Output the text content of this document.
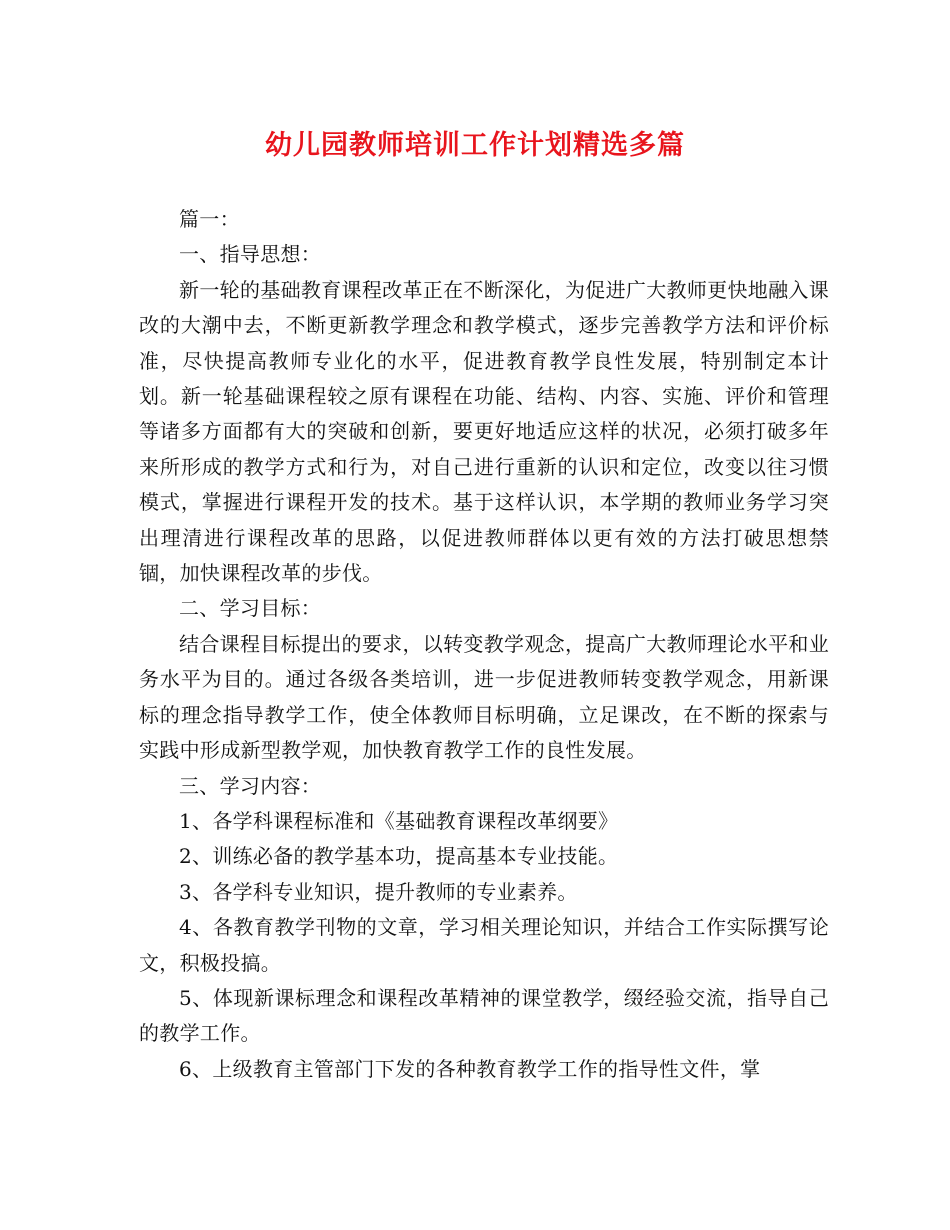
幼儿园教师培训工作计划精选多篇

篇一：

一、指导思想：

新一轮的基础教育课程改革正在不断深化，为促进广大教师更快地融入课改的大潮中去，不断更新教学理念和教学模式，逐步完善教学方法和评价标准，尽快提高教师专业化的水平，促进教育教学良性发展，特别制定本计划。新一轮基础课程较之原有课程在功能、结构、内容、实施、评价和管理等诸多方面都有大的突破和创新，要更好地适应这样的状况，必须打破多年来所形成的教学方式和行为，对自己进行重新的认识和定位，改变以往习惯模式，掌握进行课程开发的技术。基于这样认识，本学期的教师业务学习突出理清进行课程改革的思路，以促进教师群体以更有效的方法打破思想禁锢，加快课程改革的步伐。

二、学习目标：

结合课程目标提出的要求，以转变教学观念，提高广大教师理论水平和业务水平为目的。通过各级各类培训，进一步促进教师转变教学观念，用新课标的理念指导教学工作，使全体教师目标明确，立足课改，在不断的探索与实践中形成新型教学观，加快教育教学工作的良性发展。

三、学习内容：

1、各学科课程标准和《基础教育课程改革纲要》

2、训练必备的教学基本功，提高基本专业技能。

3、各学科专业知识，提升教师的专业素养。

4、各教育教学刊物的文章，学习相关理论知识，并结合工作实际撰写论文，积极投搞。

5、体现新课标理念和课程改革精神的课堂教学，缀经验交流，指导自己的教学工作。

6、上级教育主管部门下发的各种教育教学工作的指导性文件，掌
